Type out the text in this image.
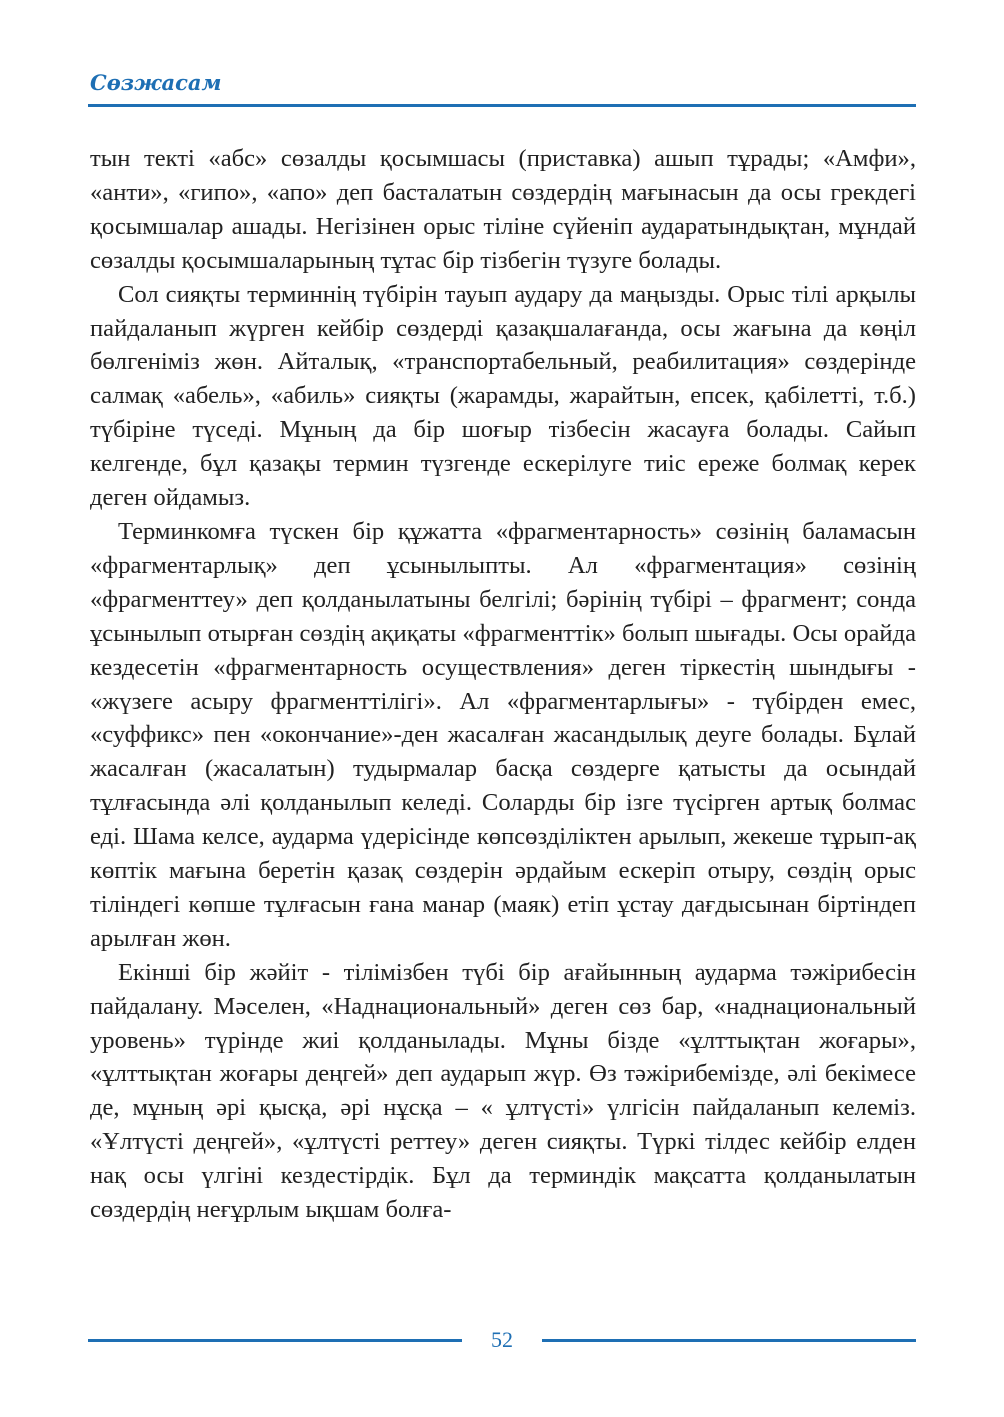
Сөзжасам

тын текті «абс» сөзалды қосымшасы (приставка) ашып тұрады; «Амфи», «анти», «гипо», «апо» деп басталатын сөздердің мағынасын да осы грекдегі қосымшалар ашады. Негізінен орыс тіліне сүйеніп аударатындықтан, мұндай сөзалды қосымшаларының тұтас бір тізбегін түзуге болады.

Сол сияқты терминнің түбірін тауып аудару да маңызды. Орыс тілі арқылы пайдаланып жүрген кейбір сөздерді қазақшалағанда, осы жағына да көңіл бөлгеніміз жөн. Айталық, «транспортабельный, реабилитация» сөздерінде салмақ «абель», «абиль» сияқты (жарамды, жарайтын, епсек, қабілетті, т.б.) түбіріне түседі. Мұның да бір шоғыр тізбесін жасауға болады. Сайып келгенде, бұл қазақы термин түзгенде ескерілуге тиіс ереже болмақ керек деген ойдамыз.

Терминкомға түскен бір құжатта «фрагментарность» сөзінің баламасын «фрагментарлық» деп ұсынылыпты. Ал «фрагментация» сөзінің «фрагменттеу» деп қолданылатыны белгілі; бәрінің түбірі – фрагмент; сонда ұсынылып отырған сөздің ақиқаты «фрагменттік» болып шығады. Осы орайда кездесетін «фрагментарность осуществления» деген тіркестің шындығы - «жүзеге асыру фрагменттілігі». Ал «фрагментарлығы» - түбірден емес, «суффикс» пен «окончание»-ден жасалған жасандылық деуге болады. Бұлай жасалған (жасалатын) тудырмалар басқа сөздерге қатысты да осындай тұлғасында әлі қолданылып келеді. Соларды бір ізге түсірген артық болмас еді. Шама келсе, аударма үдерісінде көпсөзділіктен арылып, жекеше тұрып-ақ көптік мағына беретін қазақ сөздерін әрдайым ескеріп отыру, сөздің орыс тіліндегі көпше тұлғасын ғана манар (маяк) етіп ұстау дағдысынан біртіндеп арылған жөн.

Екінші бір жәйіт - тілімізбен түбі бір ағайынның аударма тәжірибесін пайдалану. Мәселен, «Наднациональный» деген сөз бар, «наднациональный уровень» түрінде жиі қолданылады. Мұны бізде «ұлттықтан жоғары», «ұлттықтан жоғары деңгей» деп аударып жүр. Өз тәжірибемізде, әлі бекімесе де, мұның әрі қысқа, әрі нұсқа – « ұлтүсті» үлгісін пайдаланып келеміз. «Ұлтүсті деңгей», «ұлтүсті реттеу» деген сияқты. Түркі тілдес кейбір елден нақ осы үлгіні кездестірдік. Бұл да терминдік мақсатта қолданылатын сөздердің неғұрлым ықшам болға-

52
